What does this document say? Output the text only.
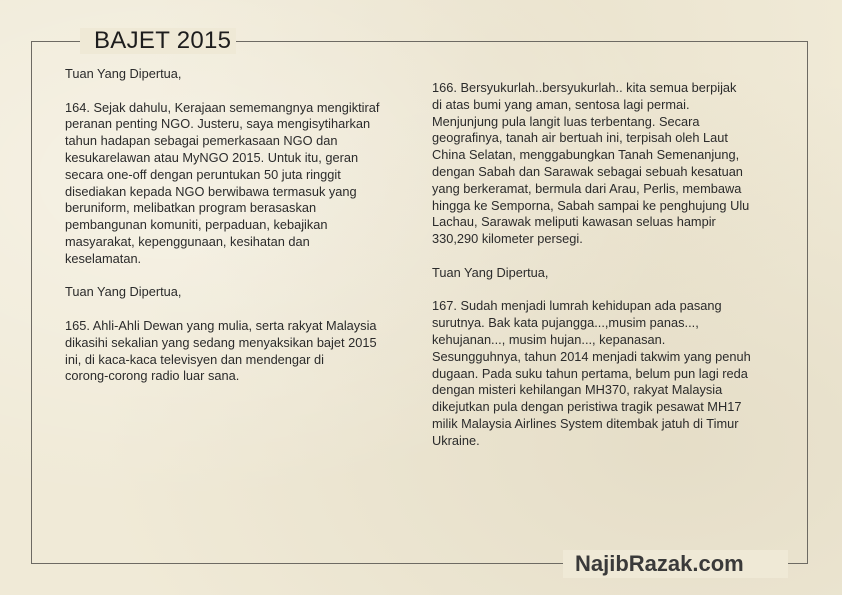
BAJET 2015

Tuan Yang Dipertua,

164. Sejak dahulu, Kerajaan sememangnya mengiktiraf
peranan penting NGO. Justeru, saya mengisytiharkan
tahun hadapan sebagai pemerkasaan NGO dan
kesukarelawan atau MyNGO 2015. Untuk itu, geran
secara one-off dengan peruntukan 50 juta ringgit
disediakan kepada NGO berwibawa termasuk yang
beruniform, melibatkan program berasaskan
pembangunan komuniti, perpaduan, kebajikan
masyarakat, kepenggunaan, kesihatan dan
keselamatan.

Tuan Yang Dipertua,

165. Ahli-Ahli Dewan yang mulia, serta rakyat Malaysia
dikasihi sekalian yang sedang menyaksikan bajet 2015
ini, di kaca-kaca televisyen dan mendengar di
corong-corong radio luar sana.

166. Bersyukurlah..bersyukurlah.. kita semua berpijak
di atas bumi yang aman, sentosa lagi permai.
Menjunjung pula langit luas terbentang. Secara
geografinya, tanah air bertuah ini, terpisah oleh Laut
China Selatan, menggabungkan Tanah Semenanjung,
dengan Sabah dan Sarawak sebagai sebuah kesatuan
yang berkeramat, bermula dari Arau, Perlis, membawa
hingga ke Semporna, Sabah sampai ke penghujung Ulu
Lachau, Sarawak meliputi kawasan seluas hampir
330,290 kilometer persegi.

Tuan Yang Dipertua,

167. Sudah menjadi lumrah kehidupan ada pasang
surutnya. Bak kata pujangga...,musim panas...,
kehujanan..., musim hujan..., kepanasan.
Sesungguhnya, tahun 2014 menjadi takwim yang penuh
dugaan. Pada suku tahun pertama, belum pun lagi reda
dengan misteri kehilangan MH370, rakyat Malaysia
dikejutkan pula dengan peristiwa tragik pesawat MH17
milik Malaysia Airlines System ditembak jatuh di Timur
Ukraine.

NajibRazak.com
